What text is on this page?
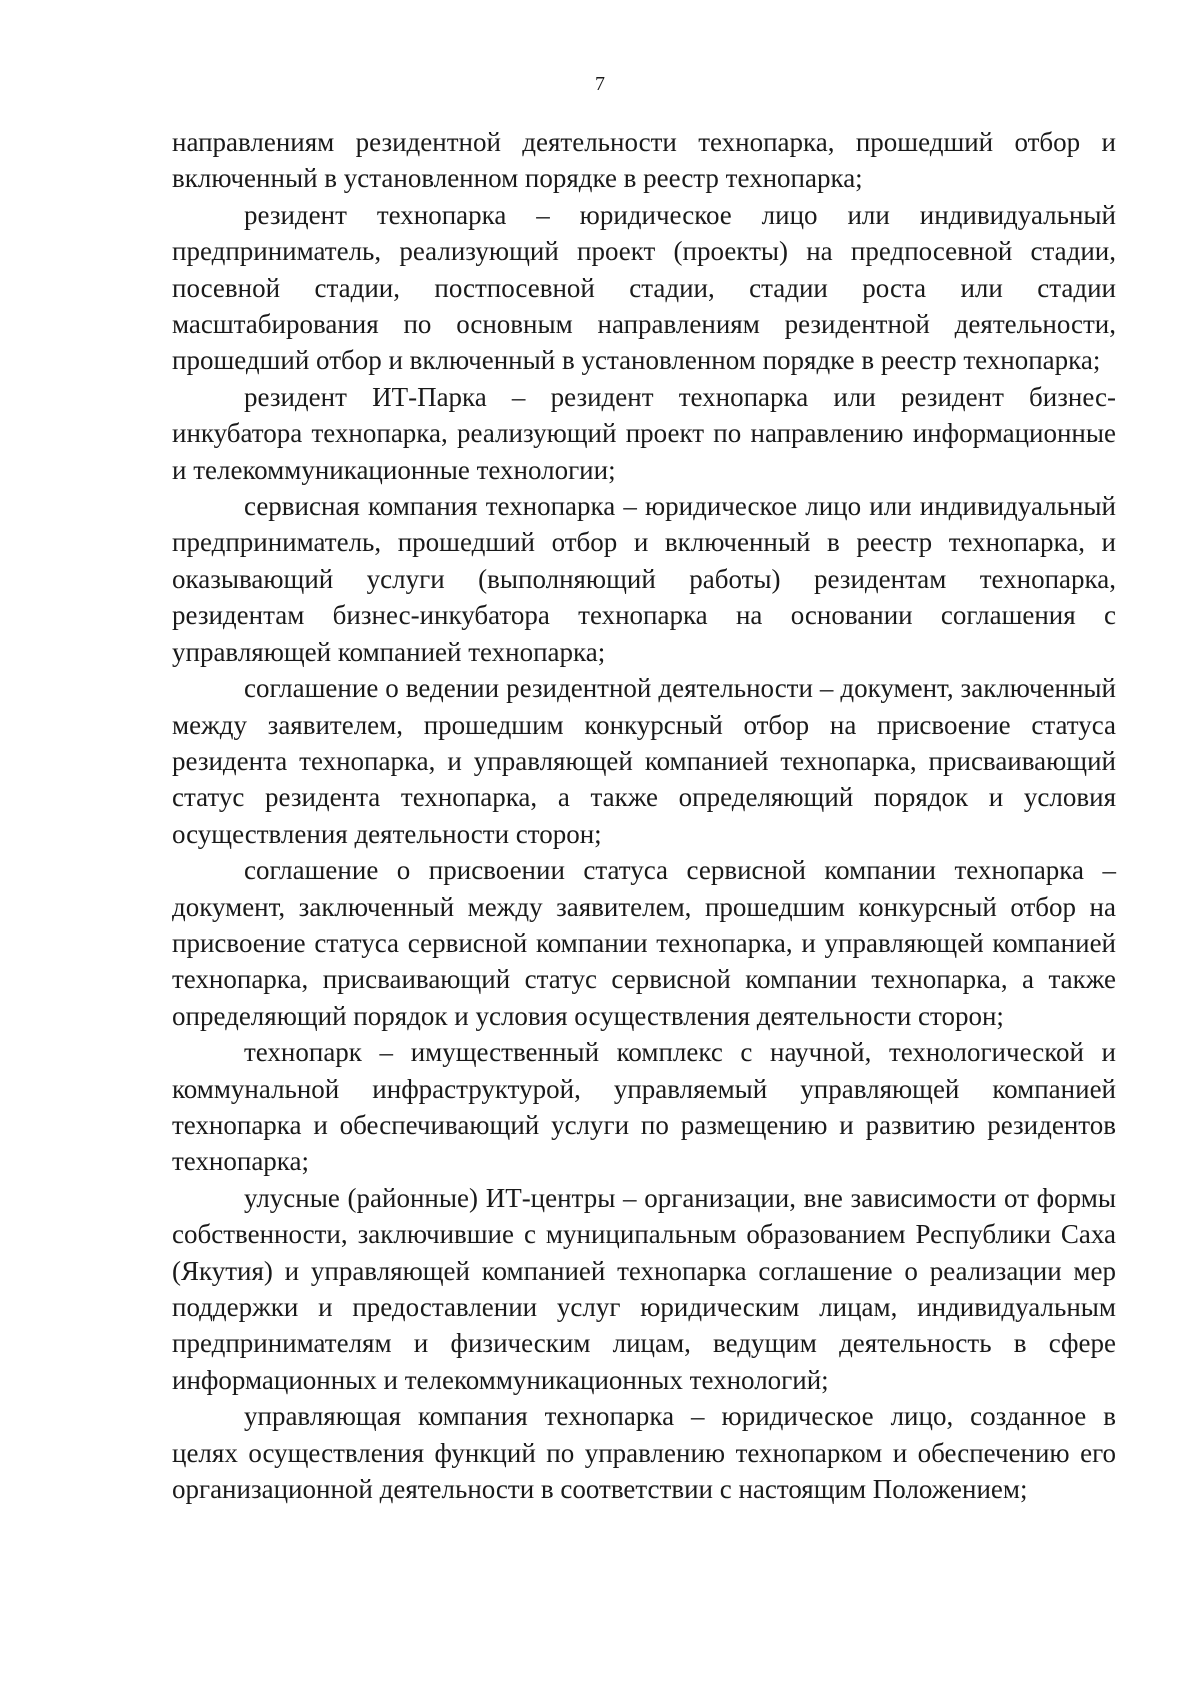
7

направлениям резидентной деятельности технопарка, прошедший отбор и включенный в установленном порядке в реестр технопарка;

резидент технопарка – юридическое лицо или индивидуальный предприниматель, реализующий проект (проекты) на предпосевной стадии, посевной стадии, постпосевной стадии, стадии роста или стадии масштабирования по основным направлениям резидентной деятельности, прошедший отбор и включенный в установленном порядке в реестр технопарка;

резидент ИТ-Парка – резидент технопарка или резидент бизнес-инкубатора технопарка, реализующий проект по направлению информационные и телекоммуникационные технологии;

сервисная компания технопарка – юридическое лицо или индивидуальный предприниматель, прошедший отбор и включенный в реестр технопарка, и оказывающий услуги (выполняющий работы) резидентам технопарка, резидентам бизнес-инкубатора технопарка на основании соглашения с управляющей компанией технопарка;

соглашение о ведении резидентной деятельности – документ, заключенный между заявителем, прошедшим конкурсный отбор на присвоение статуса резидента технопарка, и управляющей компанией технопарка, присваивающий статус резидента технопарка, а также определяющий порядок и условия осуществления деятельности сторон;

соглашение о присвоении статуса сервисной компании технопарка – документ, заключенный между заявителем, прошедшим конкурсный отбор на присвоение статуса сервисной компании технопарка, и управляющей компанией технопарка, присваивающий статус сервисной компании технопарка, а также определяющий порядок и условия осуществления деятельности сторон;

технопарк – имущественный комплекс с научной, технологической и коммунальной инфраструктурой, управляемый управляющей компанией технопарка и обеспечивающий услуги по размещению и развитию резидентов технопарка;

улусные (районные) ИТ-центры – организации, вне зависимости от формы собственности, заключившие с муниципальным образованием Республики Саха (Якутия) и управляющей компанией технопарка соглашение о реализации мер поддержки и предоставлении услуг юридическим лицам, индивидуальным предпринимателям и физическим лицам, ведущим деятельность в сфере информационных и телекоммуникационных технологий;

управляющая компания технопарка – юридическое лицо, созданное в целях осуществления функций по управлению технопарком и обеспечению его организационной деятельности в соответствии с настоящим Положением;
